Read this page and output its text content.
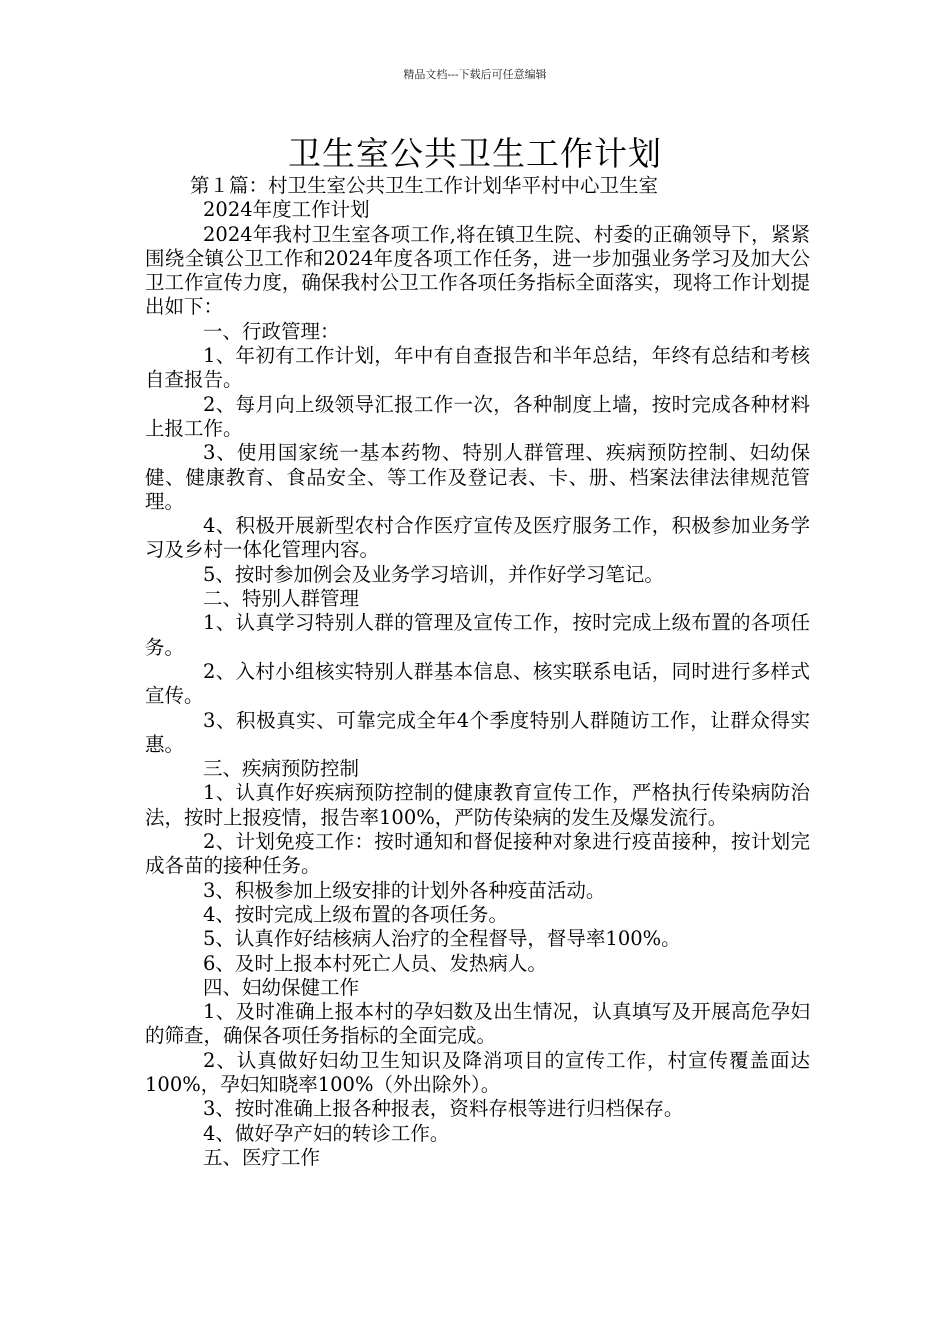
精品文档---下载后可任意编辑
卫生室公共卫生工作计划

第１篇：村卫生室公共卫生工作计划华平村中心卫生室

2024年度工作计划

2024年我村卫生室各项工作,将在镇卫生院、村委的正确领导下，紧紧围绕全镇公卫工作和2024年度各项工作任务，进一步加强业务学习及加大公卫工作宣传力度，确保我村公卫工作各项任务指标全面落实，现将工作计划提出如下：

一、行政管理：

1、年初有工作计划，年中有自查报告和半年总结，年终有总结和考核自查报告。

2、每月向上级领导汇报工作一次，各种制度上墙，按时完成各种材料上报工作。

3、使用国家统一基本药物、特别人群管理、疾病预防控制、妇幼保健、健康教育、食品安全、等工作及登记表、卡、册、档案法律法律规范管理。

4、积极开展新型农村合作医疗宣传及医疗服务工作，积极参加业务学习及乡村一体化管理内容。

5、按时参加例会及业务学习培训，并作好学习笔记。

二、特别人群管理

1、认真学习特别人群的管理及宣传工作，按时完成上级布置的各项任务。

2、入村小组核实特别人群基本信息、核实联系电话，同时进行多样式宣传。

3、积极真实、可靠完成全年4个季度特别人群随访工作，让群众得实惠。

三、疾病预防控制

1、认真作好疾病预防控制的健康教育宣传工作，严格执行传染病防治法，按时上报疫情，报告率100%，严防传染病的发生及爆发流行。

2、计划免疫工作：按时通知和督促接种对象进行疫苗接种，按计划完成各苗的接种任务。

3、积极参加上级安排的计划外各种疫苗活动。

4、按时完成上级布置的各项任务。

5、认真作好结核病人治疗的全程督导，督导率100%。

6、及时上报本村死亡人员、发热病人。

四、妇幼保健工作

1、及时准确上报本村的孕妇数及出生情况，认真填写及开展高危孕妇的筛查，确保各项任务指标的全面完成。

2、认真做好妇幼卫生知识及降消项目的宣传工作，村宣传覆盖面达100%，孕妇知晓率100%（外出除外）。

3、按时准确上报各种报表，资料存根等进行归档保存。

4、做好孕产妇的转诊工作。

五、医疗工作
